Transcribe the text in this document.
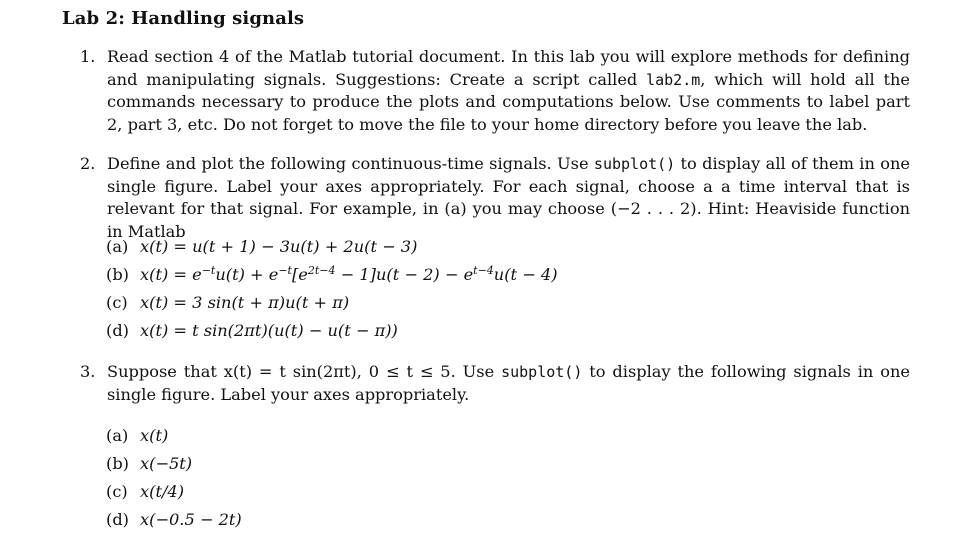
Lab 2: Handling signals
1. Read section 4 of the Matlab tutorial document. In this lab you will explore methods for defining and manipulating signals. Suggestions: Create a script called lab2.m, which will hold all the commands necessary to produce the plots and computations below. Use comments to label part 2, part 3, etc. Do not forget to move the file to your home directory before you leave the lab.
2. Define and plot the following continuous-time signals. Use subplot() to display all of them in one single figure. Label your axes appropriately. For each signal, choose a a time interval that is relevant for that signal. For example, in (a) you may choose (−2 . . . 2). Hint: Heaviside function in Matlab
(a) x(t) = u(t + 1) − 3u(t) + 2u(t − 3)
(b) $x(t) = e^{-t}u(t) + e^{-t}[e^{2t-4} - 1]u(t - 2) - e^{t-4}u(t - 4)$
(c) x(t) = 3 sin(t + π)u(t + π)
(d) x(t) = t sin(2πt)(u(t) − u(t − π))
3. Suppose that x(t) = t sin(2πt), 0 ≤ t ≤ 5. Use subplot() to display the following signals in one single figure. Label your axes appropriately.
(a) x(t)
(b) x(−5t)
(c) x(t/4)
(d) x(−0.5 − 2t)
